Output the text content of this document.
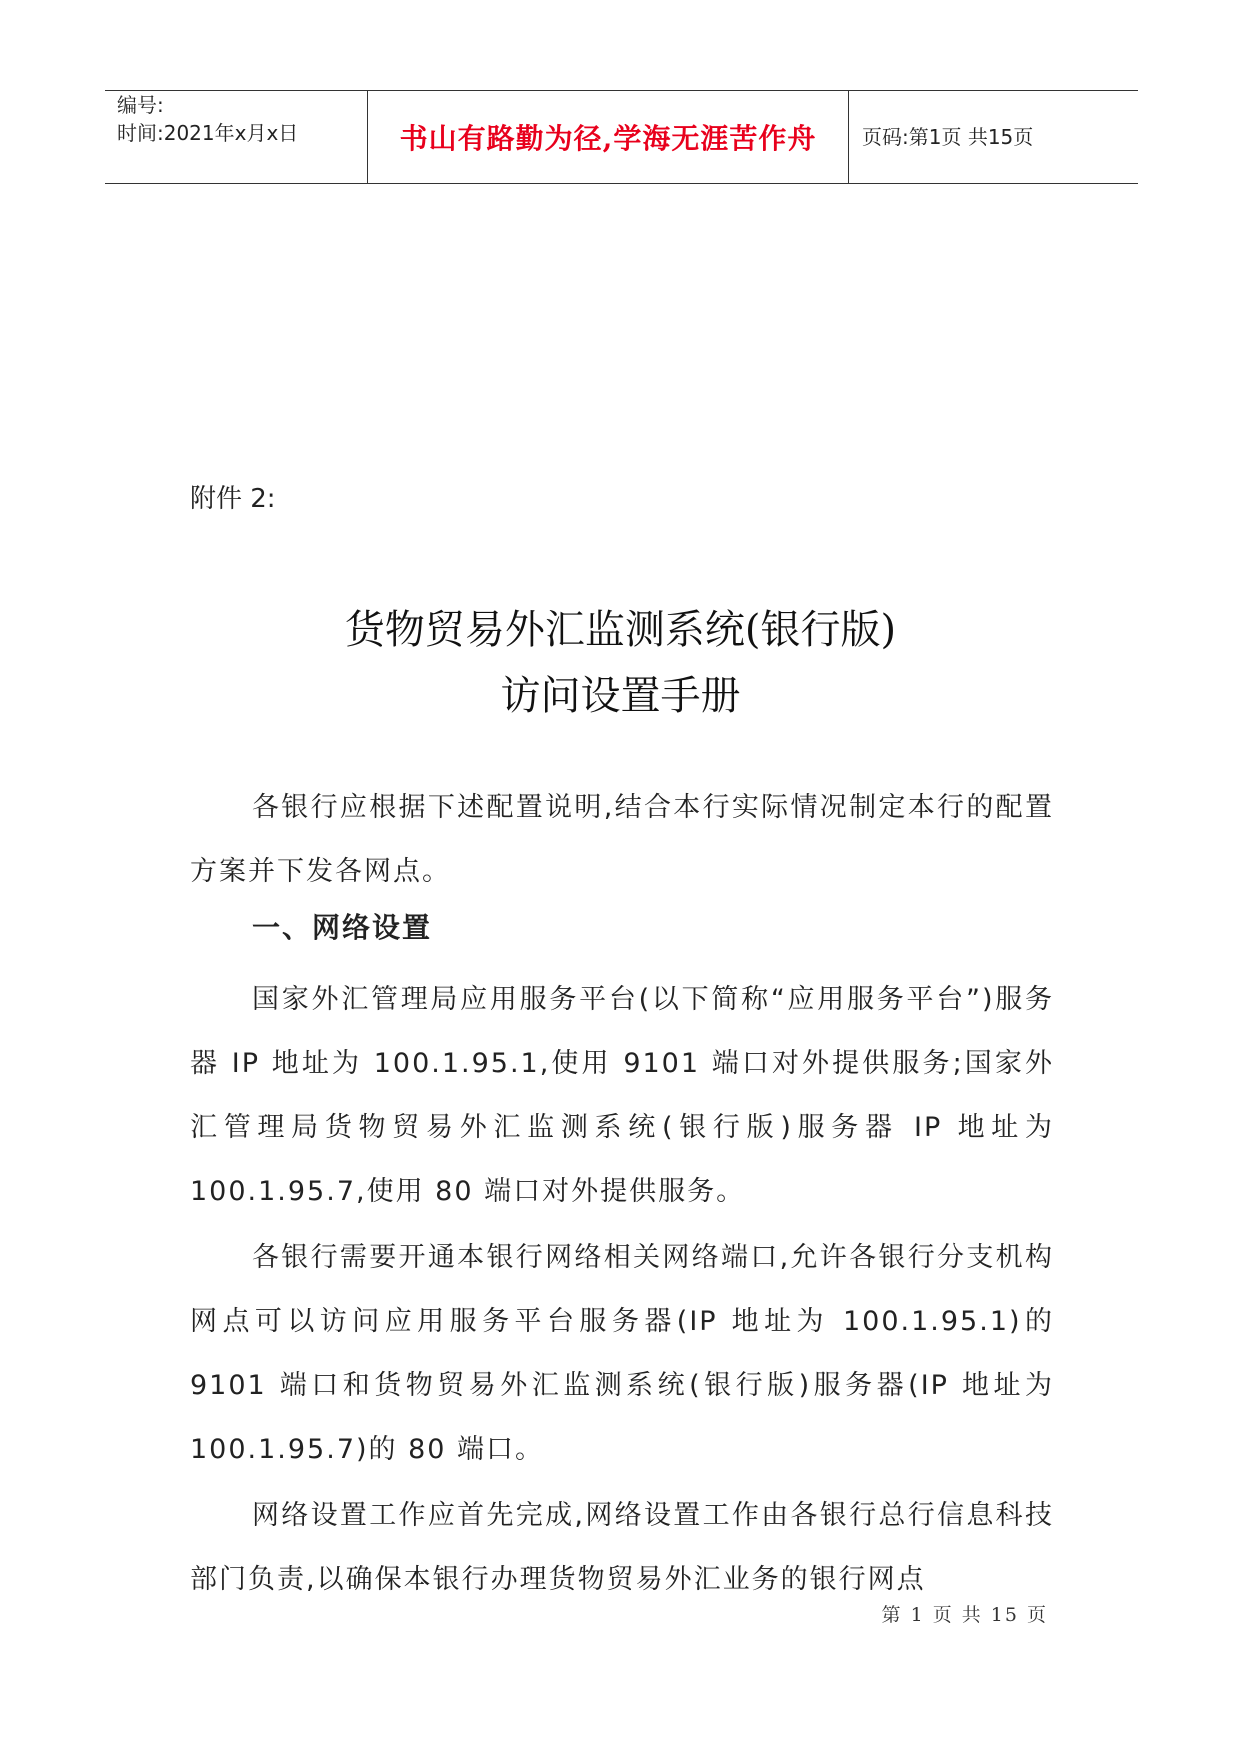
编号:
时间:2021年x月x日	书山有路勤为径,学海无涯苦作舟	页码:第1页 共15页
附件 2:
货物贸易外汇监测系统(银行版)
访问设置手册
各银行应根据下述配置说明,结合本行实际情况制定本行的配置方案并下发各网点。
一、网络设置
国家外汇管理局应用服务平台(以下简称“应用服务平台”)服务器 IP 地址为 100.1.95.1,使用 9101 端口对外提供服务;国家外汇管理局货物贸易外汇监测系统(银行版)服务器 IP 地址为 100.1.95.7,使用 80 端口对外提供服务。
各银行需要开通本银行网络相关网络端口,允许各银行分支机构网点可以访问应用服务平台服务器(IP 地址为 100.1.95.1)的 9101 端口和货物贸易外汇监测系统(银行版)服务器(IP 地址为 100.1.95.7)的 80 端口。
网络设置工作应首先完成,网络设置工作由各银行总行信息科技部门负责,以确保本银行办理货物贸易外汇业务的银行网点
第 1 页 共 15 页
